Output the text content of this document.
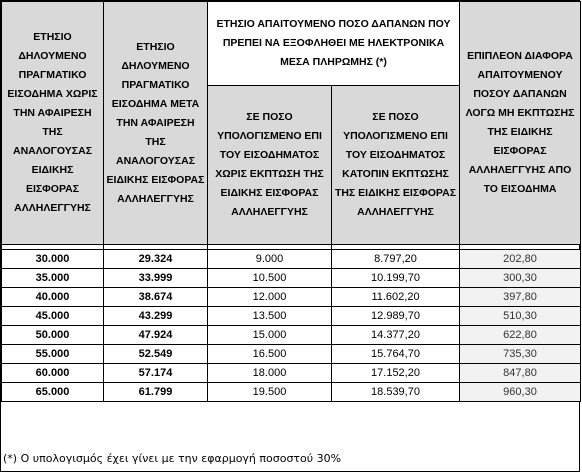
ΕΤΗΣΙΟ ΔΗΛΟΥΜΕΝΟ ΠΡΑΓΜΑΤΙΚΟ ΕΙΣΟΔΗΜΑ ΧΩΡΙΣ ΤΗΝ ΑΦΑΙΡΕΣΗ ΤΗΣ ΑΝΑΛΟΓΟΥΣΑΣ ΕΙΔΙΚΗΣ ΕΙΣΦΟΡΑΣ ΑΛΛΗΛΕΓΓΥΗΣ	ΕΤΗΣΙΟ ΔΗΛΟΥΜΕΝΟ ΠΡΑΓΜΑΤΙΚΟ ΕΙΣΟΔΗΜΑ ΜΕΤΑ ΤΗΝ ΑΦΑΙΡΕΣΗ ΤΗΣ ΑΝΑΛΟΓΟΥΣΑΣ ΕΙΔΙΚΗΣ ΕΙΣΦΟΡΑΣ ΑΛΛΗΛΕΓΓΥΗΣ	ΕΤΗΣΙΟ ΑΠΑΙΤΟΥΜΕΝΟ ΠΟΣΟ ΔΑΠΑΝΩΝ ΠΟΥ ΠΡΕΠΕΙ ΝΑ ΕΞΟΦΛΗΘΕΙ ΜΕ ΗΛΕΚΤΡΟΝΙΚΑ ΜΕΣΑ ΠΛΗΡΩΜΗΣ (*)		ΕΠΙΠΛΕΟΝ ΔΙΑΦΟΡΑ ΑΠΑΙΤΟΥΜΕΝΟΥ ΠΟΣΟΥ ΔΑΠΑΝΩΝ ΛΟΓΩ ΜΗ ΕΚΠΤΩΣΗΣ ΤΗΣ ΕΙΔΙΚΗΣ ΕΙΣΦΟΡΑΣ ΑΛΛΗΛΕΓΓΥΗΣ ΑΠΟ ΤΟ ΕΙΣΟΔΗΜΑ
		ΣΕ ΠΟΣΟ ΥΠΟΛΟΓΙΣΜΕΝΟ ΕΠΙ ΤΟΥ ΕΙΣΟΔΗΜΑΤΟΣ ΧΩΡΙΣ ΕΚΠΤΩΣΗ ΤΗΣ ΕΙΔΙΚΗΣ ΕΙΣΦΟΡΑΣ ΑΛΛΗΛΕΓΓΥΗΣ	ΣΕ ΠΟΣΟ ΥΠΟΛΟΓΙΣΜΕΝΟ ΕΠΙ ΤΟΥ ΕΙΣΟΔΗΜΑΤΟΣ ΚΑΤΟΠΙΝ ΕΚΠΤΩΣΗΣ ΤΗΣ ΕΙΔΙΚΗΣ ΕΙΣΦΟΡΑΣ ΑΛΛΗΛΕΓΓΥΗΣ	

30.000	29.324	9.000	8.797,20	202,80
35.000	33.999	10.500	10.199,70	300,30
40.000	38.674	12.000	11.602,20	397,80
45.000	43.299	13.500	12.989,70	510,30
50.000	47.924	15.000	14.377,20	622,80
55.000	52.549	16.500	15.764,70	735,30
60.000	57.174	18.000	17.152,20	847,80
65.000	61.799	19.500	18.539,70	960,30
(*) Ο υπολογισμός έχει γίνει με την εφαρμογή ποσοστού 30%
